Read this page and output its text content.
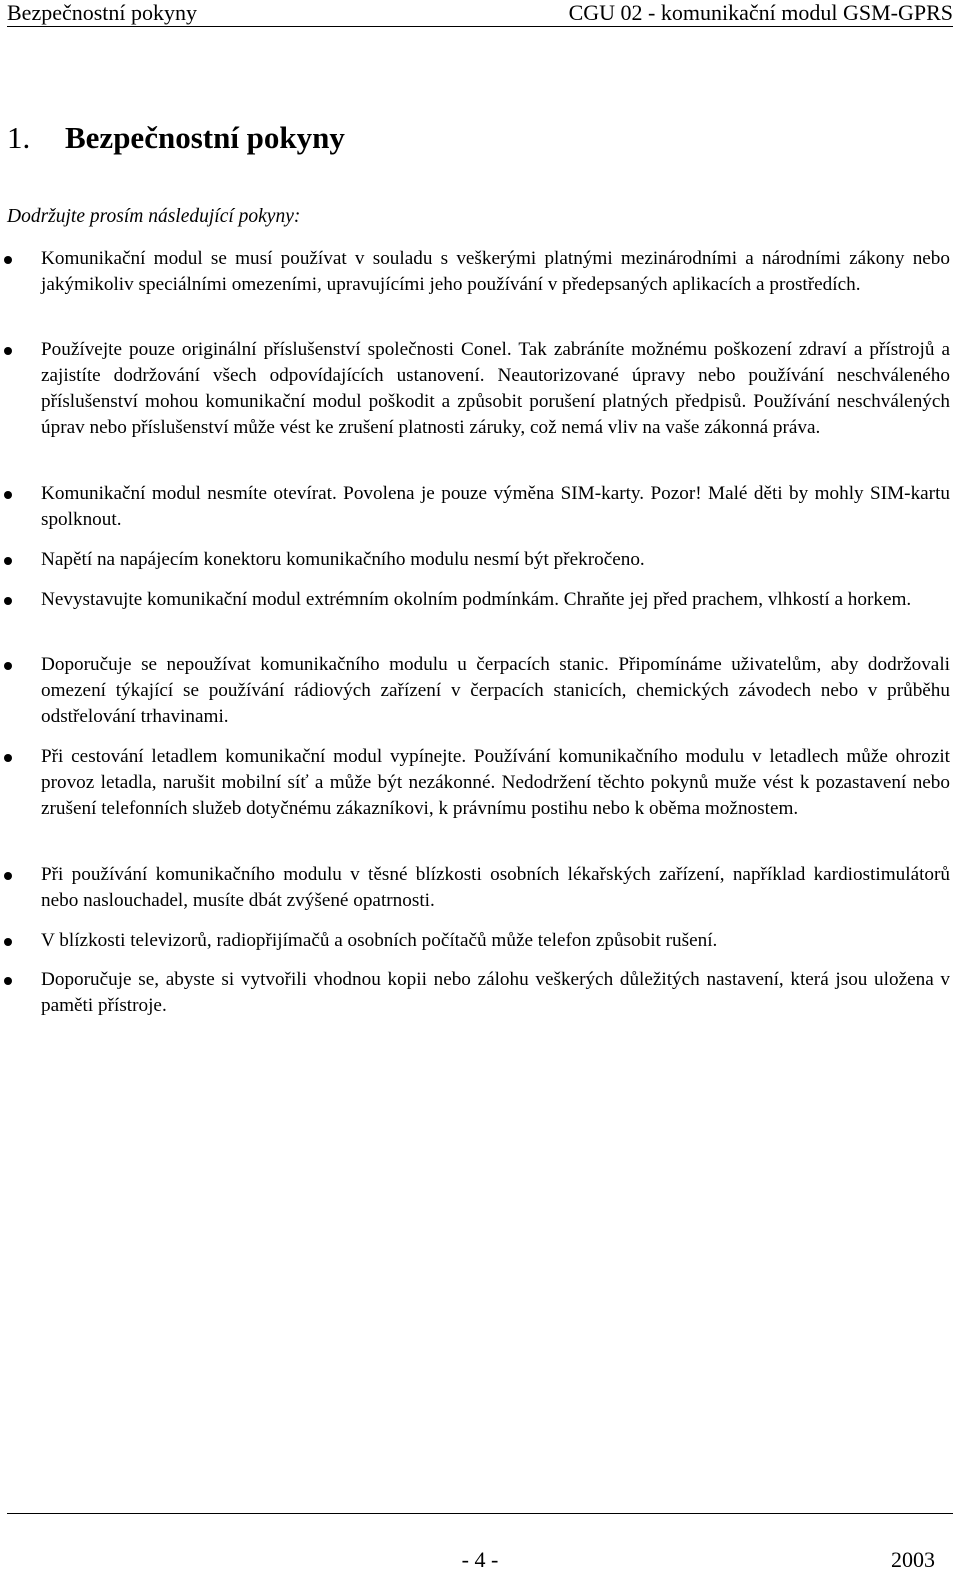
Bezpečnostní pokyny	CGU 02 - komunikační modul GSM-GPRS
1. Bezpečnostní pokyny

Dodržujte prosím následující pokyny:

Komunikační modul se musí používat v souladu s veškerými platnými mezinárodními a národními zákony nebo jakýmikoliv speciálními omezeními, upravujícími jeho používání v předepsaných aplikacích a prostředích.
Používejte pouze originální příslušenství společnosti Conel. Tak zabráníte možnému poškození zdraví a přístrojů a zajistíte dodržování všech odpovídajících ustanovení. Neautorizované úpravy nebo používání neschváleného příslušenství mohou komunikační modul poškodit a způsobit porušení platných předpisů. Používání neschválených úprav nebo příslušenství může vést ke zrušení platnosti záruky, což nemá vliv na vaše zákonná práva.
Komunikační modul nesmíte otevírat. Povolena je pouze výměna SIM-karty. Pozor! Malé děti by mohly SIM-kartu spolknout.
Napětí na napájecím konektoru komunikačního modulu nesmí být překročeno.
Nevystavujte komunikační modul extrémním okolním podmínkám. Chraňte jej před prachem, vlhkostí a horkem.
Doporučuje se nepoužívat komunikačního modulu u čerpacích stanic. Připomínáme uživatelům, aby dodržovali omezení týkající se používání rádiových zařízení v čerpacích stanicích, chemických závodech nebo v průběhu odstřelování trhavinami.
Při cestování letadlem komunikační modul vypínejte. Používání komunikačního modulu v letadlech může ohrozit provoz letadla, narušit mobilní síť a může být nezákonné. Nedodržení těchto pokynů muže vést k pozastavení nebo zrušení telefonních služeb dotyčnému zákazníkovi, k právnímu postihu nebo k oběma možnostem.
Při používání komunikačního modulu v těsné blízkosti osobních lékařských zařízení, například kardiostimulátorů nebo naslouchadel, musíte dbát zvýšené opatrnosti.
V blízkosti televizorů, radiopřijímačů a osobních počítačů může telefon způsobit rušení.
Doporučuje se, abyste si vytvořili vhodnou kopii nebo zálohu veškerých důležitých nastavení, která jsou uložena v paměti přístroje.
- 4 -	2003
